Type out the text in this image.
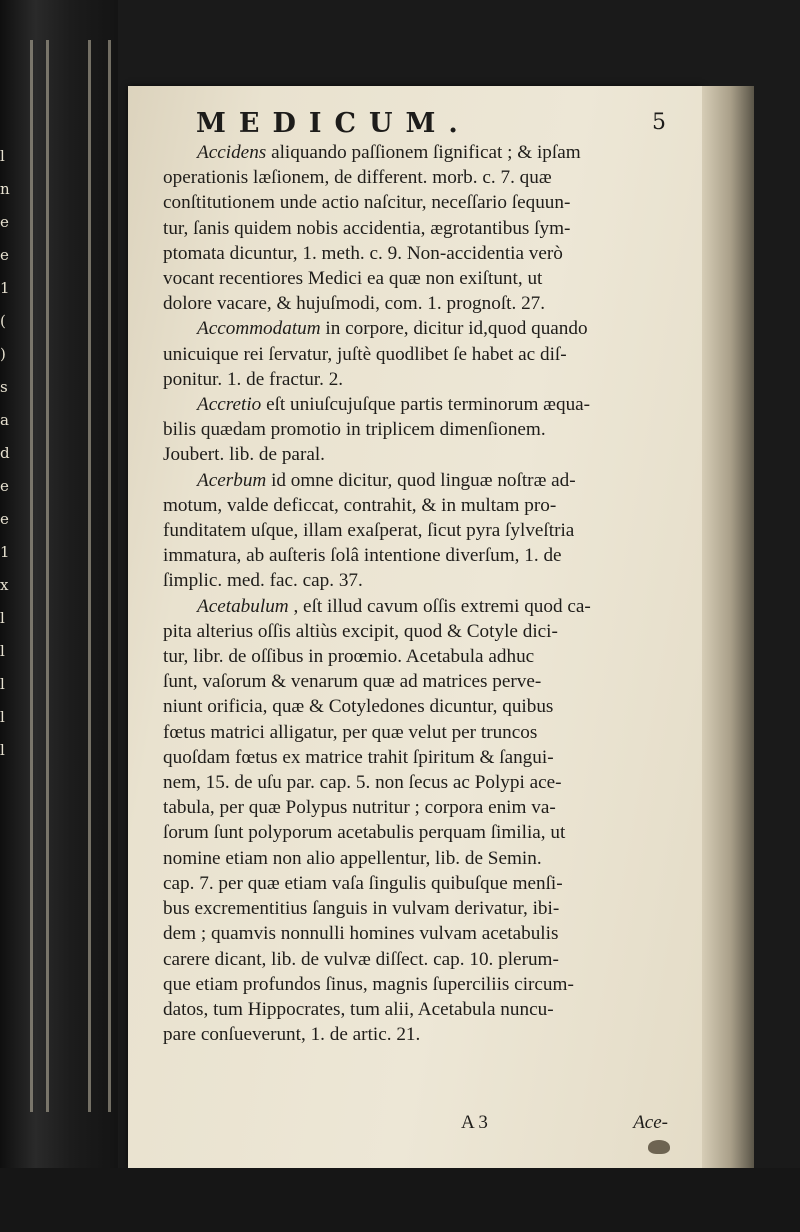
l
n
e
e
1
(
)
s
a
d
e
e
1
x
l
l
l
l
l
MEDICUM.	5

Accidens aliquando paſſionem ſignificat ; & ipſam
operationis læſionem, de different. morb. c. 7. quæ
conſtitutionem unde actio naſcitur, neceſſario ſequun-
tur, ſanis quidem nobis accidentia, ægrotantibus ſym-
ptomata dicuntur, 1. meth. c. 9. Non-accidentia verò
vocant recentiores Medici ea quæ non exiſtunt, ut
dolore vacare, & hujuſmodi, com. 1. prognoſt. 27.

Accommodatum in corpore, dicitur id,quod quando
unicuique rei ſervatur, juſtè quodlibet ſe habet ac diſ-
ponitur. 1. de fractur. 2.

Accretio eſt uniuſcujuſque partis terminorum æqua-
bilis quædam promotio in triplicem dimenſionem.
Joubert. lib. de paral.

Acerbum id omne dicitur, quod linguæ noſtræ ad-
motum, valde deficcat, contrahit, & in multam pro-
funditatem uſque, illam exaſperat, ſicut pyra ſylveſtria
immatura, ab auſteris ſolâ intentione diverſum, 1. de
ſimplic. med. fac. cap. 37.

Acetabulum , eſt illud cavum oſſis extremi quod ca-
pita alterius oſſis altiùs excipit, quod & Cotyle dici-
tur, libr. de oſſibus in proœmio. Acetabula adhuc
ſunt, vaſorum & venarum quæ ad matrices perve-
niunt orificia, quæ & Cotyledones dicuntur, quibus
fœtus matrici alligatur, per quæ velut per truncos
quoſdam fœtus ex matrice trahit ſpiritum & ſangui-
nem, 15. de uſu par. cap. 5. non ſecus ac Polypi ace-
tabula, per quæ Polypus nutritur ; corpora enim va-
ſorum ſunt polyporum acetabulis perquam ſimilia, ut
nomine etiam non alio appellentur, lib. de Semin.
cap. 7. per quæ etiam vaſa ſingulis quibuſque menſi-
bus excrementitius ſanguis in vulvam derivatur, ibi-
dem ; quamvis nonnulli homines vulvam acetabulis
carere dicant, lib. de vulvæ diſſect. cap. 10. plerum-
que etiam profundos ſinus, magnis ſuperciliis circum-
datos, tum Hippocrates, tum alii, Acetabula nuncu-
pare conſueverunt, 1. de artic. 21.

A 3	Ace-
